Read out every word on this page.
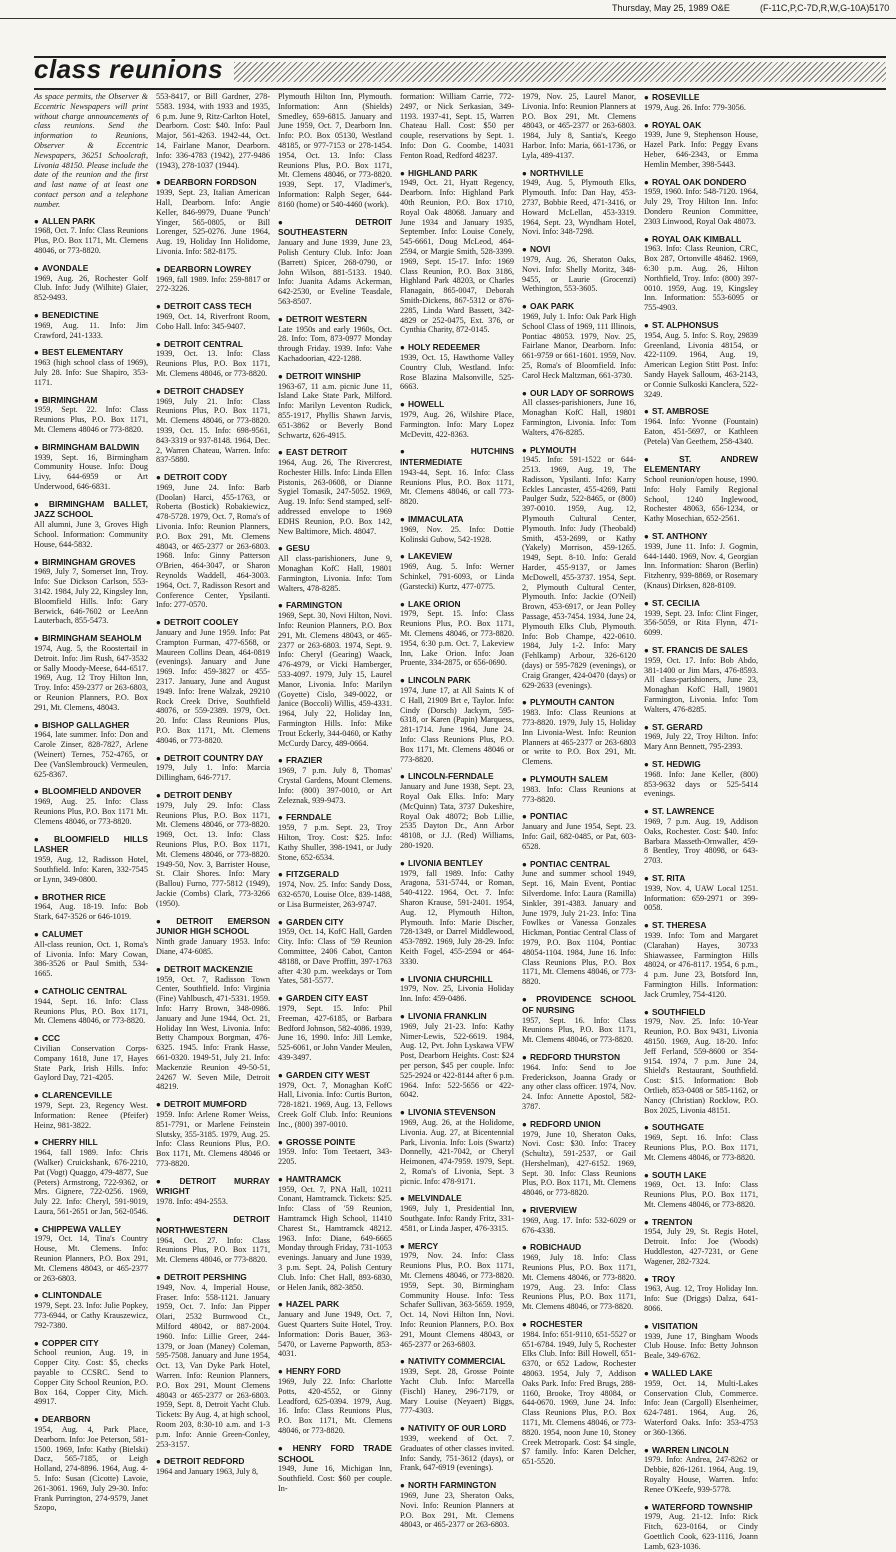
Thursday, May 25, 1989 O&E	(F-11C,P,C-7D,R,W,G-10A)5170
class reunions
As space permits, the Observer & Eccentric Newspapers will print without charge announcements of class reunions. Send the information to Reunions, Observer & Eccentric Newspapers, 36251 Schoolcraft, Livonia 48150. Please include the date of the reunion and the first and last name of at least one contact person and a telephone number.
● ALLEN PARK
1968, Oct. 7. Info: Class Reunions Plus, P.O. Box 1171, Mt. Clemens 48046, or 773-8820.
● AVONDALE
1969, Aug. 26, Rochester Golf Club. Info: Judy (Wilhite) Glaier, 852-9493.
● BENEDICTINE
1969, Aug. 11. Info: Jim Crawford, 241-1333.
● BEST ELEMENTARY
1963 (high school class of 1969), July 28. Info: Sue Shapiro, 353-1171.
● BIRMINGHAM
1959, Sept. 22. Info: Class Reunions Plus, P.O. Box 1171, Mt. Clemens 48046 or 773-8820.
● BIRMINGHAM BALDWIN
1939, Sept. 16, Birmingham Community House. Info: Doug Livy, 644-6959 or Art Underwood, 646-6831.
● BIRMINGHAM BALLET, JAZZ SCHOOL
All alumni, June 3, Groves High School. Information: Community House, 644-5832.
● BIRMINGHAM GROVES
1969, July 7, Somerset Inn, Troy. Info: Sue Dickson Carlson, 553-3142. 1984, July 22, Kingsley Inn, Bloomfield Hills. Info: Gary Berwick, 646-7602 or LeeAnn Lauterbach, 855-5473.
● BIRMINGHAM SEAHOLM
1974, Aug. 5, the Roostertail in Detroit. Info: Jim Rush, 647-3532 or Sally Moody-Meese, 644-6517. 1969, Aug. 12 Troy Hilton Inn, Troy. Info: 459-2377 or 263-6803, or Reunion Planners, P.O. Box 291, Mt. Clemens, 48043.
● BISHOP GALLAGHER
1964, late summer. Info: Don and Carole Zinser, 828-7827, Arlene (Weinert) Ternes, 752-4765, or Dee (VanSlembrouck) Vermeulen, 625-8367.
● BLOOMFIELD ANDOVER
1969, Aug. 25. Info: Class Reunions Plus, P.O. Box 1171 Mt. Clemens 48046, or 773-8820.
● BLOOMFIELD HILLS LASHER
1959, Aug. 12, Radisson Hotel, Southfield. Info: Karen, 332-7545 or Lynn, 349-0800.
● BROTHER RICE
1964, Aug. 18-19. Info: Bob Stark, 647-3526 or 646-1019.
● CALUMET
All-class reunion, Oct. 1, Roma's of Livonia. Info: Mary Cowan, 386-3526 or Paul Smith, 534-1665.
● CATHOLIC CENTRAL
1944, Sept. 16. Info: Class Reunions Plus, P.O. Box 1171, Mt. Clemens 48046, or 773-8820.
● CCC
Civilian Conservation Corps-Company 1618, June 17, Hayes State Park, Irish Hills. Info: Gaylord Day, 721-4205.
● CLARENCEVILLE
1979, Sept. 23, Regency West. Information: Renee (Pfeifer) Heinz, 981-3822.
● CHERRY HILL
1964, fall 1989. Info: Chris (Walker) Cruickshank, 676-2210, Pat (Vogt) Quaggo, 479-4877, Sue (Peters) Armstrong, 722-9362, or Mrs. Gignere, 722-0256. 1969, July 22. Info: Cheryl, 591-9019, Laura, 561-2651 or Jan, 562-0546.
● CHIPPEWA VALLEY
1979, Oct. 14, Tina's Country House, Mt. Clemens. Info: Reunion Planners, P.O. Box 291, Mt. Clemens 48043, or 465-2377 or 263-6803.
● CLINTONDALE
1979, Sept. 23. Info: Julie Popkey, 773-6944, or Cathy Krauszewicz, 792-7380.
● COPPER CITY
School reunion, Aug. 19, in Copper City. Cost: $5, checks payable to CCSRC. Send to Copper City School Reunion, P.O. Box 164, Copper City, Mich. 49917.
● DEARBORN
1954, Aug. 4, Park Place, Dearborn. Info: Joe Peterson, 581-1500. 1969, Info: Kathy (Bielski) Dacz, 565-7185, or Leigh Holland, 274-8896. 1964, Aug. 4-5. Info: Susan (Cicotte) Lavoie, 261-3061. 1969, July 29-30. Info: Frank Purrington, 274-9579, Janet Szopo,
553-8417, or Bill Gardner, 278-5583. 1934, with 1933 and 1935, 6 p.m. June 9, Ritz-Carlton Hotel, Dearborn. Cost: $40. Info: Paul Major, 561-4263. 1942-44, Oct. 14, Fairlane Manor, Dearborn. Info: 336-4783 (1942), 277-9486 (1943), 278-1037 (1944).
● DEARBORN FORDSON
1939, Sept. 23, Italian American Hall, Dearborn. Info: Angie Keller, 846-9979, Duane 'Punch' Yinger, 565-0805, or Bill Lorenger, 525-0276. June 1964, Aug. 19, Holiday Inn Holidome, Livonia. Info: 582-8175.
● DEARBORN LOWREY
1969, fall 1989. Info: 259-8817 or 272-3226.
● DETROIT CASS TECH
1969, Oct. 14, Riverfront Room, Cobo Hall. Info: 345-9407.
● DETROIT CENTRAL
1939, Oct. 13. Info: Class Reunions Plus, P.O. Box 1171, Mt. Clemens 48046, or 773-8820.
● DETROIT CHADSEY
1969, July 21. Info: Class Reunions Plus, P.O. Box 1171, Mt. Clemens 48046, or 773-8820. 1939, Oct. 15. Info: 698-9561, 843-3319 or 937-8148. 1964, Dec. 2, Warren Chateau, Warren. Info: 837-5880.
● DETROIT CODY
1969, June 24. Info: Barb (Doolan) Harci, 455-1763, or Roberta (Bostick) Robakiewicz, 478-5728. 1979, Oct. 7, Roma's of Livonia. Info: Reunion Planners, P.O. Box 291, Mt. Clemens 48043, or 465-2377 or 263-6803. 1968. Info: Ginny Patterson O'Brien, 464-3047, or Sharon Reynolds Waddell, 464-3003. 1964, Oct. 7, Radisson Resort and Conference Center, Ypsilanti. Info: 277-0570.
● DETROIT COOLEY
January and June 1959. Info: Pat Crampton Furman, 477-6568, or Maureen Collins Dean, 464-0819 (evenings). January and June 1969. Info: 459-3827 or 455-2317. January, June and August 1949. Info: Irene Walzak, 29210 Rock Creek Drive, Southfield 48076, or 559-2389. 1979, Oct. 20. Info: Class Reunions Plus, P.O. Box 1171, Mt. Clemens 48046, or 773-8820.
● DETROIT COUNTRY DAY
1979, July 1. Info: Marcia Dillingham, 646-7717.
● DETROIT DENBY
1979, July 29. Info: Class Reunions Plus, P.O. Box 1171, Mt. Clemens 48046, or 773-8820. 1969, Oct. 13. Info: Class Reunions Plus, P.O. Box 1171, Mt. Clemens 48046, or 773-8820. 1949-50, Nov. 3, Barrister House, St. Clair Shores. Info: Mary (Ballou) Furno, 777-5812 (1949), Jackie (Combs) Clark, 773-3266 (1950).
● DETROIT EMERSON JUNIOR HIGH SCHOOL
Ninth grade January 1953. Info: Diane, 474-6085.
● DETROIT MACKENZIE
1959, Oct. 7, Radisson Town Center, Southfield. Info: Virginia (Fine) Vahlbusch, 471-5331. 1959. Info: Harry Brown, 348-0986. January and June 1944, Oct. 21, Holiday Inn West, Livonia. Info: Betty Champoux Borgman, 476-6325. 1945. Info: Frank Hasse, 661-0320. 1949-51, July 21. Info: Mackenzie Reunion 49-50-51, 24267 W. Seven Mile, Detroit 48219.
● DETROIT MUMFORD
1959. Info: Arlene Romer Weiss, 851-7791, or Marlene Feinstein Slutsky, 355-3185. 1979, Aug. 25. Info: Class Reunions Plus, P.O. Box 1171, Mt. Clemens 48046 or 773-8820.
● DETROIT MURRAY WRIGHT
1978. Info: 494-2553.
● DETROIT NORTHWESTERN
1964, Oct. 27. Info: Class Reunions Plus, P.O. Box 1171, Mt. Clemens 48046, or 773-8820.
● DETROIT PERSHING
1949, Nov. 4, Imperial House, Fraser. Info: 558-1121. January 1959, Oct. 7. Info: Jan Pipper Olari, 2532 Burnwood Ct., Milford 48042, or 887-2004. 1960. Info: Lillie Greer, 244-1379, or Joan (Maney) Coleman, 595-7508. January and June 1954, Oct. 13, Van Dyke Park Hotel, Warren. Info: Reunion Planners, P.O. Box 291, Mount Clemens 48043 or 465-2377 or 263-6803. 1959, Sept. 8, Detroit Yacht Club. Tickets: By Aug. 4, at high school, Room 203, 8:30-10 a.m. and 1-3 p.m. Info: Annie Green-Conley, 253-3157.
● DETROIT REDFORD
1964 and January 1963, July 8,
Plymouth Hilton Inn, Plymouth. Information: Ann (Shields) Smedley, 659-6815. January and June 1959, Oct. 7, Dearborn Inn. Info: P.O. Box 05130, Westland 48185, or 977-7153 or 278-1454. 1954, Oct. 13. Info: Class Reunions Plus, P.O. Box 1171, Mt. Clemens 48046, or 773-8820. 1939, Sept. 17, Vladimer's, Information: Ralph Seger, 644-8160 (home) or 540-4460 (work).
● DETROIT SOUTHEASTERN
January and June 1939, June 23, Polish Century Club. Info: Joan (Barrett) Spicer, 268-0790, or John Wilson, 881-5133. 1940. Info: Juanita Adams Ackerman, 642-2530, or Eveline Teasdale, 563-8507.
● DETROIT WESTERN
Late 1950s and early 1960s, Oct. 28. Info: Tom, 873-0977 Monday through Friday. 1939. Info: Vahe Kachadoorian, 422-1288.
● DETROIT WINSHIP
1963-67, 11 a.m. picnic June 11, Island Lake State Park, Milford. Info: Marilyn Leventon Rudick, 855-1917, Phyllis Shawn Jarvis, 651-3862 or Beverly Bond Schwartz, 626-4915.
● EAST DETROIT
1964, Aug. 26, The Rivercrest, Rochester Hills. Info: Linda Ellen Pistonis, 263-0608, or Dianne Sygiel Tomasik, 247-5052. 1969, Aug. 19. Info: Send stamped, self-addressed envelope to 1969 EDHS Reunion, P.O. Box 142, New Baltimore, Mich. 48047.
● GESU
All class-parishioners, June 9, Monaghan KofC Hall, 19801 Farmington, Livonia. Info: Tom Walters, 478-8285.
● FARMINGTON
1969, Sept. 30, Novi Hilton, Novi. Info: Reunion Planners, P.O. Box 291, Mt. Clemens 48043, or 465-2377 or 263-6803. 1974, Sept. 9. Info: Cheryl (Gearing) Waack, 476-4979, or Vicki Hamberger, 533-4097. 1979, July 15, Laurel Manor, Livonia. Info: Marilyn (Goyette) Cislo, 349-0022, or Janice (Boccoli) Willis, 459-4331. 1964, July 22, Holiday Inn, Farmington Hills. Info: Mike Trout Eckerly, 344-0460, or Kathy McCurdy Darcy, 489-0664.
● FRAZIER
1969, 7 p.m. July 8, Thomas' Crystal Gardens, Mount Clemens. Info: (800) 397-0010, or Art Zeleznak, 939-9473.
● FERNDALE
1959, 7 p.m. Sept. 23, Troy Hilton, Troy. Cost: $25. Info: Kathy Shuller, 398-1941, or Judy Stone, 652-6534.
● FITZGERALD
1974, Nov. 25. Info: Sandy Doss, 632-6570, Louise Olce, 839-1488, or Lisa Burmeister, 263-9747.
● GARDEN CITY
1959, Oct. 14, KofC Hall, Garden City. Info: Class of '59 Reunion Committee, 2406 Cabot, Canton 48188, or Dave Proffitt, 397-1763 after 4:30 p.m. weekdays or Tom Yates, 581-5577.
● GARDEN CITY EAST
1979, Sept. 15. Info: Phil Freeman, 427-6185, or Barbara Bedford Johnson, 582-4086. 1939, June 16, 1990. Info: Jill Lemke, 525-6061, or John Vander Meulen, 439-3497.
● GARDEN CITY WEST
1979, Oct. 7, Monaghan KofC Hall, Livonia. Info: Curtis Burton, 728-1821. 1969, Aug. 13, Fellows Creek Golf Club. Info: Reunions Inc., (800) 397-0010.
● GROSSE POINTE
1959. Info: Tom Teetaert, 343-2205.
● HAMTRAMCK
1959, Oct. 7, PNA Hall, 10211 Conant, Hamtramck. Tickets: $25. Info: Class of '59 Reunion, Hamtramck High School, 11410 Charest St., Hamtramck 48212. 1963. Info: Diane, 649-6665 Monday through Friday, 731-1053 evenings. January and June 1939, 3 p.m. Sept. 24, Polish Century Club. Info: Chet Hall, 893-6830, or Helen Janik, 882-3850.
● HAZEL PARK
January and June 1949, Oct. 7, Guest Quarters Suite Hotel, Troy. Information: Doris Bauer, 363-5470, or Laverne Papworth, 853-4031.
● HENRY FORD
1969, July 22. Info: Charlotte Potts, 420-4552, or Ginny Leadford, 625-0394. 1979, Aug. 16. Info: Class Reunions Plus, P.O. Box 1171, Mt. Clemens 48046, or 773-8820.
● HENRY FORD TRADE SCHOOL
1949, June 16, Michigan Inn, Southfield. Cost: $60 per couple. In-
formation: William Carrie, 772-2497, or Nick Serkasian, 349-1193. 1937-41, Sept. 15, Warren Chateau Hall. Cost: $50 per couple, reservations by Sept. 1. Info: Don G. Coombe, 14031 Fenton Road, Redford 48237.
● HIGHLAND PARK
1949, Oct. 21, Hyatt Regency, Dearborn. Info: Highland Park 40th Reunion, P.O. Box 1710, Royal Oak 48068. January and June 1934 and January 1935, September. Info: Louise Conely, 545-6661, Doug McLeod, 464-2594, or Margie Smith, 528-3399. 1969, Sept. 15-17. Info: 1969 Class Reunion, P.O. Box 3186, Highland Park 48203, or Charles Flanagain, 865-0047, Deborah Smith-Dickens, 867-5312 or 876-2285, Linda Ward Bassett, 342-4829 or 252-0475, Ext. 376, or Cynthia Charity, 872-0145.
● HOLY REDEEMER
1939, Oct. 15, Hawthorne Valley Country Club, Westland. Info: Rose Blazina Malsonville, 525-6663.
● HOWELL
1979, Aug. 26, Wilshire Place, Farmington. Info: Mary Lopez McDevitt, 422-8363.
● HUTCHINS INTERMEDIATE
1943-44, Sept. 16. Info: Class Reunions Plus, P.O. Box 1171, Mt. Clemens 48046, or call 773-8820.
● IMMACULATA
1969, Nov. 25. Info: Dottie Kolinski Gubow, 542-1928.
● LAKEVIEW
1969, Aug. 5. Info: Werner Schinkel, 791-6093, or Linda (Garstecki) Kurtz, 477-0775.
● LAKE ORION
1979, Sept. 15. Info: Class Reunions Plus, P.O. Box 1171, Mt. Clemens 48046, or 773-8820. 1954, 6:30 p.m. Oct. 7, Lakeview Inn, Lake Orion. Info: Joan Pruente, 334-2875, or 656-0690.
● LINCOLN PARK
1974, June 17, at All Saints K of C Hall, 21909 Brt e, Taylor. Info: Cindy (Dorsch) Jackym, 595-6318, or Karen (Papin) Marquess, 281-1714. June 1964, June 24. Info: Class Reunions Plus, P.O. Box 1171, Mt. Clemens 48046 or 773-8820.
● LINCOLN-FERNDALE
January and June 1938, Sept. 23, Royal Oak Elks. Info: Mary (McQuinn) Tata, 3737 Dukeshire, Royal Oak 48072; Bob Lillie, 2535 Dayton Dr., Ann Arbor 48108, or J.J. (Red) Williams, 280-1920.
● LIVONIA BENTLEY
1979, fall 1989. Info: Cathy Aragona, 531-5744, or Roman, 540-4122. 1964, Oct. 7. Info: Sharon Krause, 591-2401. 1954, Aug. 12, Plymouth Hilton, Plymouth. Info: Marie Discher, 728-1349, or Darrel Middlewood, 453-7892. 1969, July 28-29. Info: Keith Fogel, 455-2594 or 464-3330.
● LIVONIA CHURCHILL
1979, Nov. 25, Livonia Holiday Inn. Info: 459-0486.
● LIVONIA FRANKLIN
1969, July 21-23. Info: Kathy Nimer-Lewis, 522-6619. 1984, Aug. 12, Pvt. John Lyskawa VFW Post, Dearborn Heights. Cost: $24 per person, $45 per couple. Info: 525-2924 or 422-8144 after 6 p.m. 1964. Info: 522-5656 or 422-6042.
● LIVONIA STEVENSON
1969, Aug. 26, at the Holidome, Livonia. Aug. 27, at Bicentennial Park, Livonia. Info: Lois (Swartz) Donnelly, 421-7042, or Cheryl Heimonen, 474-7959. 1979, Sept. 2, Roma's of Livonia, Sept. 3 picnic. Info: 478-9171.
● MELVINDALE
1969, July 1, Presidential Inn, Southgate. Info: Randy Fritz, 331-4581, or Linda Jasper, 476-3315.
● MERCY
1979, Nov. 24. Info: Class Reunions Plus, P.O. Box 1171, Mt. Clemens 48046, or 773-8820. 1959, Sept. 30, Birmingham Community House. Info: Tess Schafer Sullivan, 363-5659. 1959, Oct. 14, Novi Hilton Inn, Novi. Info: Reunion Planners, P.O. Box 291, Mount Clemens 48043, or 465-2377 or 263-6803.
● NATIVITY COMMERCIAL
1939, Sept. 28, Grosse Pointe Yacht Club. Info: Marcella (Fischl) Haney, 296-7179, or Mary Louise (Neyaert) Biggs, 777-4303.
● NATIVITY OF OUR LORD
1939, weekend of Oct. 7. Graduates of other classes invited. Info: Sandy, 751-3612 (days), or Frank, 647-6919 (evenings).
● NORTH FARMINGTON
1969, June 23, Sheraton Oaks, Novi. Info: Reunion Planners at P.O. Box 291, Mt. Clemens 48043, or 465-2377 or 263-6803.
1979, Nov. 25, Laurel Manor, Livonia. Info: Reunion Planners at P.O. Box 291, Mt. Clemens 48043, or 465-2377 or 263-6803. 1984, July 8, Santia's, Keego Harbor. Info: Maria, 661-1736, or Lyla, 489-4137.
● NORTHVILLE
1949, Aug. 5, Plymouth Elks, Plymouth. Info: Dan Hay, 453-2737, Bobbie Reed, 471-3416, or Howard McLellan, 453-3319. 1964, Sept. 23, Wyndham Hotel, Novi. Info: 348-7298.
● NOVI
1979, Aug. 26, Sheraton Oaks, Novi. Info: Shelly Moritz, 348-9455, or Laurie (Grocenzi) Wethington, 553-3605.
● OAK PARK
1969, July 1. Info: Oak Park High School Class of 1969, 111 Illinois, Pontiac 48053. 1979, Nov. 25, Fairlane Manor, Dearborn. Info: 661-9759 or 661-1601. 1959, Nov. 25, Roma's of Bloomfield. Info: Carol Heck Maltzman, 661-3730.
● OUR LADY OF SORROWS
All classes-parishioners, June 16, Monaghan KofC Hall, 19801 Farmington, Livonia. Info: Tom Walters, 476-8285.
● PLYMOUTH
1945. Info: 591-1522 or 644-2513. 1969, Aug. 19, The Radisson, Ypsilanti. Info: Karry Eckles Lancaster, 455-4269, Patti Paulger Sudz, 522-8465, or (800) 397-0010. 1959, Aug. 12, Plymouth Cultural Center, Plymouth. Info: Judy (Theobald) Smith, 453-2699, or Kathy (Yakely) Morrison, 459-1265. 1949, Sept. 8-10. Info: Gerald Harder, 455-9137, or James McDowell, 455-3737. 1954, Sept. 2, Plymouth Cultural Center, Plymouth. Info: Jackie (O'Neil) Brown, 453-6917, or Jean Polley Passage, 453-7454. 1934, June 24, Plymouth Elks Club, Plymouth. Info: Bob Champe, 422-0610. 1984, July 1-2. Info: Mary (Fehlkamp) Arbour, 326-6120 (days) or 595-7829 (evenings), or Craig Granger, 424-0470 (days) or 629-2633 (evenings).
● PLYMOUTH CANTON
1983. Info: Class Reunions at 773-8820. 1979, July 15, Holiday Inn Livonia-West. Info: Reunion Planners at 465-2377 or 263-6803 or write to P.O. Box 291, Mt. Clemens.
● PLYMOUTH SALEM
1983. Info: Class Reunions at 773-8820.
● PONTIAC
January and June 1954, Sept. 23. Info: Gail, 682-0485, or Pat, 603-6528.
● PONTIAC CENTRAL
June and summer school 1949, Sept. 16, Main Event, Pontiac Silverdome. Info: Laura (Ramilla) Sinkler, 391-4383. January and June 1979, July 21-23. Info: Tina Fowlkes or Vanessa Gonzales Hickman, Pontiac Central Class of 1979, P.O. Box 1104, Pontiac 48054-1104. 1984, June 16. Info: Class Reunions Plus, P.O. Box 1171, Mt. Clemens 48046, or 773-8820.
● PROVIDENCE SCHOOL OF NURSING
1957, Sept. 16. Info: Class Reunions Plus, P.O. Box 1171, Mt. Clemens 48046, or 773-8820.
● REDFORD THURSTON
1964. Info: Send to Joe Frederickson, Joanna Grady or any other class officer. 1974, Nov. 24. Info: Annette Apostol, 582-3787.
● REDFORD UNION
1979, June 10, Sheraton Oaks, Novi. Cost: $30. Info: Tracey (Schultz), 591-2537, or Gail (Hershelman), 427-6152. 1969, Sept. 30. Info: Class Reunions Plus, P.O. Box 1171, Mt. Clemens 48046, or 773-8820.
● RIVERVIEW
1969, Aug. 17. Info: 532-6029 or 676-4338.
● ROBICHAUD
1969, July 18. Info: Class Reunions Plus, P.O. Box 1171, Mt. Clemens 48046, or 773-8820. 1979, Aug. 23. Info: Class Reunions Plus, P.O. Box 1171, Mt. Clemens 48046, or 773-8820.
● ROCHESTER
1984. Info: 651-9110, 651-5527 or 651-6784. 1949, July 5, Rochester Elks Club. Info: Bill Howell, 651-6370, or 652 Ladow, Rochester 48063. 1954, July 7, Addison Oaks Park. Info: Fred Brugs, 288-1160, Brooke, Troy 48084, or 644-0670. 1969, June 24. Info: Class Reunions Plus, P.O. Box 1171, Mt. Clemens 48046, or 773-8820. 1954, noon June 10, Stoney Creek Metropark. Cost: $4 single, $7 family. Info: Karen Delcher, 651-5520.
● ROSEVILLE
1979, Aug. 26. Info: 779-3056.
● ROYAL OAK
1939, June 9, Stephenson House, Hazel Park. Info: Peggy Evans Heber, 646-2343, or Emma Hemlin Member, 398-5443.
● ROYAL OAK DONDERO
1959, 1960. Info: 548-7120. 1964, July 29, Troy Hilton Inn. Info: Dondero Reunion Committee, 2303 Linwood, Royal Oak 48073.
● ROYAL OAK KIMBALL
1963. Info: Class Reunion, CRC, Box 287, Ortonville 48462. 1969, 6:30 p.m. Aug. 26, Hilton Northfield, Troy. Info: (800) 397-0010. 1959, Aug. 19, Kingsley Inn. Information: 553-6095 or 755-4903.
● ST. ALPHONSUS
1954, Aug. 5. Info: S. Roy, 29839 Greenland, Livonia 48154, or 422-1109. 1964, Aug. 19, American Legion Stitt Post. Info: Sandy Hayek Salloum, 463-2143, or Connie Sulkoski Kanclera, 522-3249.
● ST. AMBROSE
1964. Info: Yvonne (Fountain) Eaton, 451-5697, or Kathleen (Petela) Van Geethem, 258-4340.
● ST. ANDREW ELEMENTARY
School reunion/open house, 1990. Info: Holy Family Regional School, 1240 Inglewood, Rochester 48063, 656-1234, or Kathy Mosechian, 652-2561.
● ST. ANTHONY
1939, June 11. Info: J. Gogmin, 644-1440. 1969, Nov. 4, Georgian Inn. Information: Sharon (Berlin) Fitzhenry, 939-8869, or Rosemary (Knaus) Dirksen, 828-8109.
● ST. CECILIA
1939, Sept. 23. Info: Clint Finger, 356-5059, or Rita Flynn, 471-6099.
● ST. FRANCIS DE SALES
1959, Oct. 17. Info: Bob Abdo, 381-1400 or Jim Mars, 476-8593. All class-parishioners, June 23, Monaghan KofC Hall, 19801 Farmington, Livonia. Info: Tom Walters, 476-8285.
● ST. GERARD
1969, July 22, Troy Hilton. Info: Mary Ann Bennett, 795-2393.
● ST. HEDWIG
1968. Info: Jane Keller, (800) 853-9632 days or 525-5414 evenings.
● ST. LAWRENCE
1969, 7 p.m. Aug. 19, Addison Oaks, Rochester. Cost: $40. Info: Barbara Masseth-Ornwaller, 459-8 Bentley, Troy 48098, or 643-2703.
● ST. RITA
1939, Nov. 4, UAW Local 1251. Information: 659-2971 or 399-0058.
● ST. THERESA
1939. Info: Tom and Margaret (Clarahan) Hayes, 30733 Shiawassee, Farmington Hills 48024, or 476-8117. 1954, 6 p.m., 4 p.m. June 23, Botsford Inn, Farmington Hills. Information: Jack Crumley, 754-4120.
● SOUTHFIELD
1979, Nov. 25. Info: 10-Year Reunion, P.O. Box 9431, Livonia 48150. 1969, Aug. 18-20. Info: Jeff Ferland, 559-8600 or 354-9154. 1974, 7 p.m. June 24, Shield's Restaurant, Southfield. Cost: $15. Information: Bob Ortlieb, 853-0408 or 585-1162, or Nancy (Christian) Rocklow, P.O. Box 2025, Livonia 48151.
● SOUTHGATE
1969, Sept. 16. Info: Class Reunions Plus, P.O. Box 1171, Mt. Clemens 48046, or 773-8820.
● SOUTH LAKE
1969, Oct. 13. Info: Class Reunions Plus, P.O. Box 1171, Mt. Clemens 48046, or 773-8820.
● TRENTON
1954, July 29, St. Regis Hotel, Detroit. Info: Joe (Woods) Huddleston, 427-7231, or Gene Wagener, 282-7324.
● TROY
1963, Aug. 12, Troy Holiday Inn. Info: Sue (Driggs) Dalza, 641-8066.
● VISITATION
1939, June 17, Bingham Woods Club House. Info: Betty Johnson Beale, 349-6762.
● WALLED LAKE
1959, Oct. 14, Multi-Lakes Conservation Club, Commerce. Info: Jean (Cargoll) Elsenheimer, 624-7481. 1964, Aug. 26, Waterford Oaks. Info: 353-4753 or 360-1366.
● WARREN LINCOLN
1979. Info: Andrea, 247-8262 or Debbie, 826-1261. 1964, Aug. 19, Royalty House, Warren. Info: Renee O'Keefe, 939-5778.
● WATERFORD TOWNSHIP
1979, Aug. 21-12. Info: Rick Fitch, 623-0164, or Cindy Goettlich Cook, 623-1116, Joann Lamb, 623-1036.
